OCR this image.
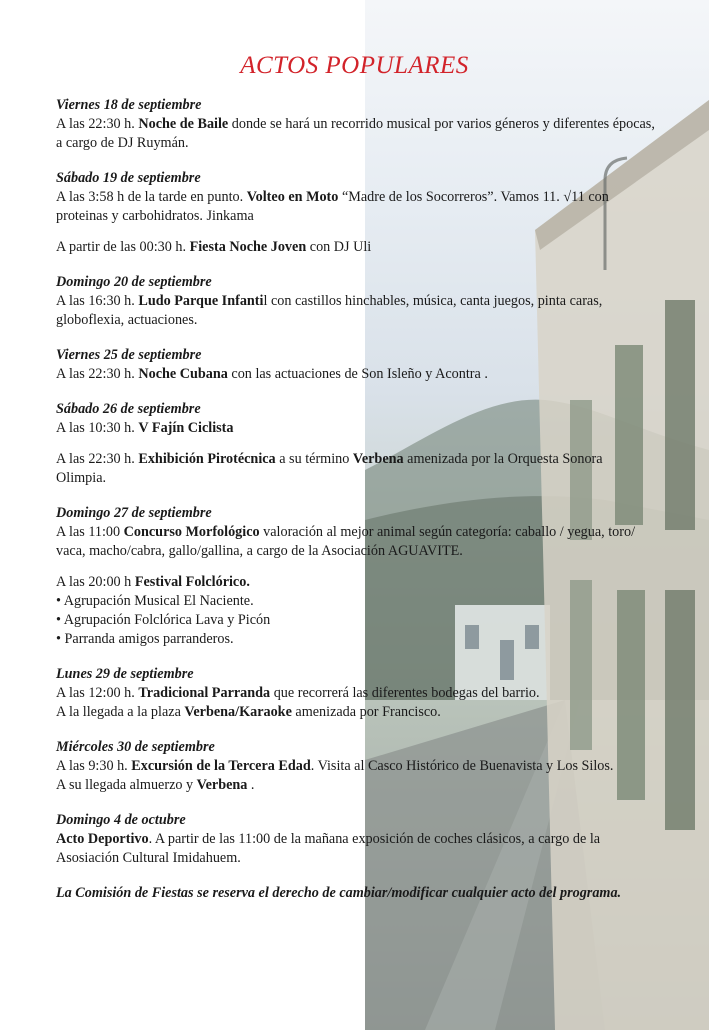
ACTOS POPULARES
Viernes 18 de septiembre
A las 22:30 h. Noche de Baile donde se hará un recorrido musical por varios géneros y diferentes épocas, a cargo de DJ Ruymán.
Sábado 19 de septiembre
A las 3:58 h de la tarde en punto. Volteo en Moto “Madre de los Socorreros”. Vamos 11. √11 con proteinas y carbohidratos. Jinkama
A partir de las 00:30 h. Fiesta Noche Joven con DJ Uli
Domingo 20 de septiembre
A las 16:30 h. Ludo Parque Infantil con castillos hinchables, música, canta juegos, pinta caras, globoflexia, actuaciones.
Viernes 25 de septiembre
A las 22:30 h. Noche Cubana con las actuaciones de Son Isleño y Acontra .
Sábado 26 de septiembre
A las 10:30 h. V Fajín Ciclista
A las 22:30 h. Exhibición Pirotécnica a su término Verbena amenizada por la Orquesta Sonora Olimpia.
Domingo 27 de septiembre
A las 11:00 Concurso Morfológico valoración al mejor animal según categoría: caballo / yegua, toro/ vaca, macho/cabra, gallo/gallina, a cargo de la Asociación AGUAVITE.
A las 20:00 h Festival Folclórico.
• Agrupación Musical El Naciente.
• Agrupación Folclórica Lava y Picón
• Parranda amigos parranderos.
Lunes 29 de septiembre
A las 12:00 h. Tradicional Parranda que recorrerá las diferentes bodegas del barrio.
A la llegada a la plaza Verbena/Karaoke amenizada por Francisco.
Miércoles 30 de septiembre
A las 9:30 h. Excursión de la Tercera Edad. Visita al Casco Histórico de Buenavista y Los Silos.
A su llegada almuerzo y Verbena .
Domingo 4 de octubre
Acto Deportivo. A partir de las 11:00 de la mañana exposición de coches clásicos, a cargo de la Asosiación Cultural Imidahuem.
La Comisión de Fiestas se reserva el derecho de cambiar/modificar cualquier acto del programa.
